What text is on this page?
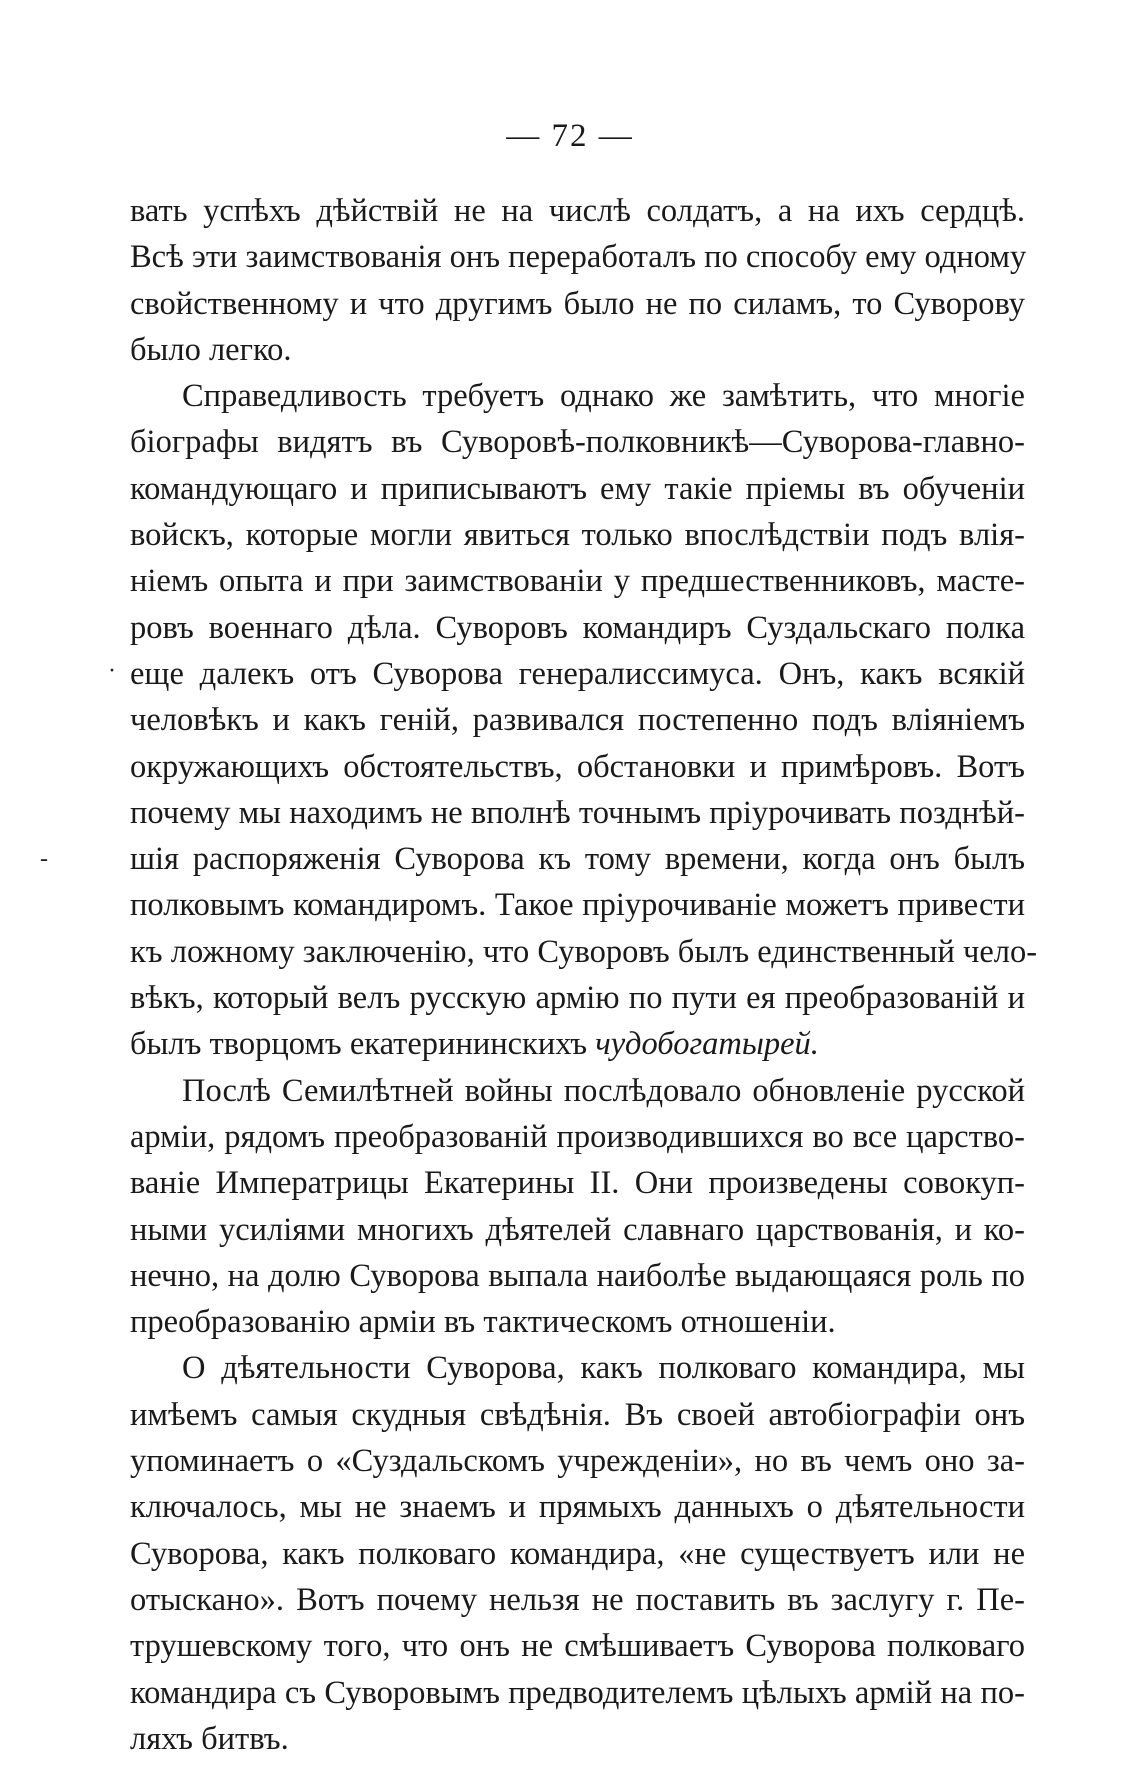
— 72 —
вать успѣхъ дѣйствій не на числѣ солдатъ, а на ихъ сердцѣ.
Всѣ эти заимствованія онъ переработалъ по способу ему одному
свойственному и что другимъ было не по силамъ, то Суворову
было легко.
Справедливость требуетъ однако же замѣтить, что многіе
біографы видятъ въ Суворовѣ-полковникѣ—Суворова-главно-
командующаго и приписываютъ ему такіе пріемы въ обученіи
войскъ, которые могли явиться только впослѣдствіи подъ влія-
ніемъ опыта и при заимствованіи у предшественниковъ, масте-
ровъ военнаго дѣла. Суворовъ командиръ Суздальскаго полка
еще далекъ отъ Суворова генералиссимуса. Онъ, какъ всякій
человѣкъ и какъ геній, развивался постепенно подъ вліяніемъ
окружающихъ обстоятельствъ, обстановки и примѣровъ. Вотъ
почему мы находимъ не вполнѣ точнымъ пріурочивать позднѣй-
шія распоряженія Суворова къ тому времени, когда онъ былъ
полковымъ командиромъ. Такое пріурочиваніе можетъ привести
къ ложному заключенію, что Суворовъ былъ единственный чело-
вѣкъ, который велъ русскую армію по пути ея преобразованій и
былъ творцомъ екатерининскихъ чудобогатырей.
Послѣ Семилѣтней войны послѣдовало обновленіе русской
арміи, рядомъ преобразованій производившихся во все царство-
ваніе Императрицы Екатерины II. Они произведены совокуп-
ными усиліями многихъ дѣятелей славнаго царствованія, и ко-
нечно, на долю Суворова выпала наиболѣе выдающаяся роль по
преобразованію арміи въ тактическомъ отношеніи.
О дѣятельности Суворова, какъ полковаго командира, мы
имѣемъ самыя скудныя свѣдѣнія. Въ своей автобіографіи онъ
упоминаетъ о «Суздальскомъ учрежденіи», но въ чемъ оно за-
ключалось, мы не знаемъ и прямыхъ данныхъ о дѣятельности
Суворова, какъ полковаго командира, «не существуетъ или не
отыскано». Вотъ почему нельзя не поставить въ заслугу г. Пе-
трушевскому того, что онъ не смѣшиваетъ Суворова полковаго
командира съ Суворовымъ предводителемъ цѣлыхъ армій на по-
ляхъ битвъ.
·
‐
